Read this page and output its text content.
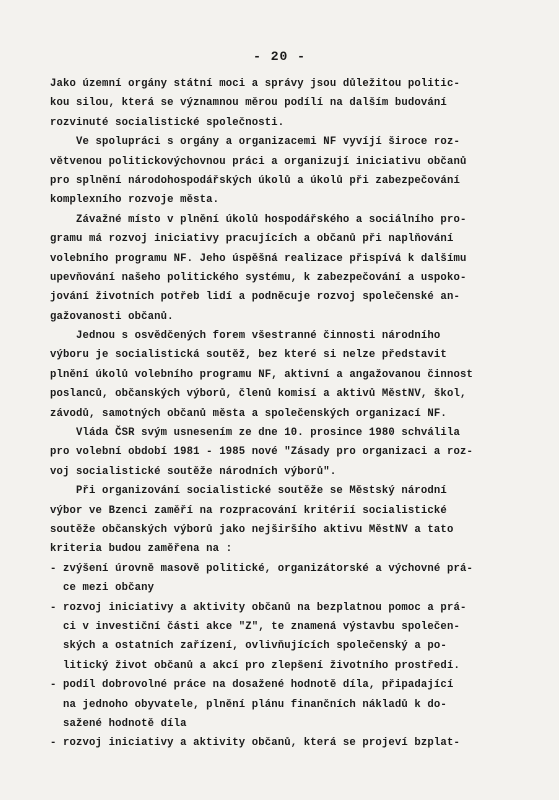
- 20 -
Jako územní orgány státní moci a správy jsou důležitou politic-
kou silou, která se významnou měrou podílí na dalším budování
rozvinuté socialistické společnosti.
Ve spolupráci s orgány a organizacemi NF vyvíjí široce roz-
větvenou politickovýchovnou práci a organizují iniciativu občanů
pro splnění národohospodářských úkolů a úkolů při zabezpečování
komplexního rozvoje města.
Závažné místo v plnění úkolů hospodářského a sociálního pro-
gramu má rozvoj iniciativy pracujících a občanů při naplňování
volebního programu NF. Jeho úspěšná realizace přispívá k dalšímu
upevňování našeho politického systému, k zabezpečování a uspoko-
jování životních potřeb lidí a podněcuje rozvoj společenské an-
gažovanosti občanů.
Jednou s osvědčených forem všestranné činnosti národního
výboru je socialistická soutěž, bez které si nelze představit
plnění úkolů volebního programu NF, aktivní a angažovanou činnost
poslanců, občanských výborů, členů komisí a aktivů MěstNV, škol,
závodů, samotných občanů města a společenských organizací NF.
Vláda ČSR svým usnesením ze dne 10. prosince 1980 schválila
pro volební období 1981 - 1985 nové "Zásady pro organizaci a roz-
voj socialistické soutěže národních výborů".
Při organizování socialistické soutěže se Městský národní
výbor ve Bzenci zaměří na rozpracování kritérií socialistické
soutěže občanských výborů jako nejširšího aktivu MěstNV a tato
kriteria budou zaměřena na :
- zvýšení úrovně masově politické, organizátorské a výchovné prá-
ce mezi občany
- rozvoj iniciativy a aktivity občanů na bezplatnou pomoc a prá-
ci v investiční části akce "Z", te znamená výstavbu společen-
ských a ostatních zařízení, ovlivňujících společenský a po-
litický život občanů a akcí pro zlepšení životního prostředí.
- podíl dobrovolné práce na dosažené hodnotě díla, připadající
na jednoho obyvatele, plnění plánu finančních nákladů k do-
sažené hodnotě díla
- rozvoj iniciativy a aktivity občanů, která se projeví bzplat-
